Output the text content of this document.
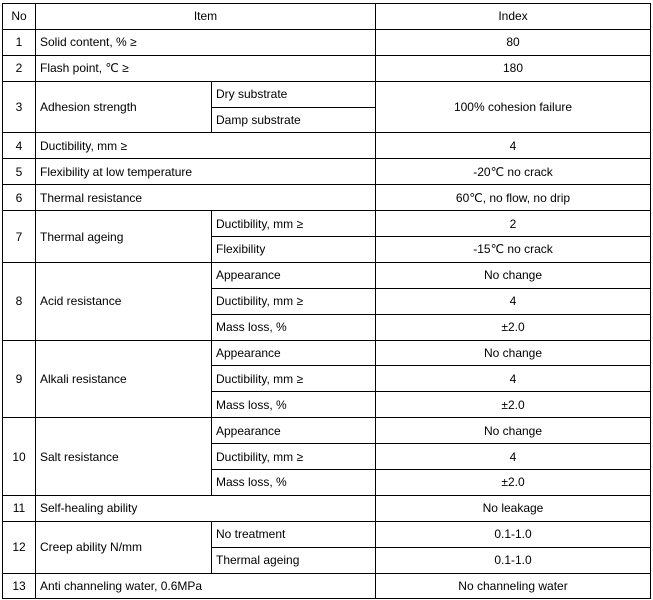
No	Item		Index
1	Solid content, % ≥		80
2	Flash point, ℃ ≥		180
3	Adhesion strength	Dry substrate	100% cohesion failure
		Damp substrate	
4	Ductibility, mm ≥		4
5	Flexibility at low temperature		-20℃ no crack
6	Thermal resistance		60℃, no flow, no drip
7	Thermal ageing	Ductibility, mm ≥	2
		Flexibility	-15℃ no crack
8	Acid resistance	Appearance	No change
		Ductibility, mm ≥	4
		Mass loss, %	±2.0
9	Alkali resistance	Appearance	No change
		Ductibility, mm ≥	4
		Mass loss, %	±2.0
10	Salt resistance	Appearance	No change
		Ductibility, mm ≥	4
		Mass loss, %	±2.0
11	Self-healing ability		No leakage
12	Creep ability N/mm	No treatment	0.1-1.0
		Thermal ageing	0.1-1.0
13	Anti channeling water, 0.6MPa		No channeling water
